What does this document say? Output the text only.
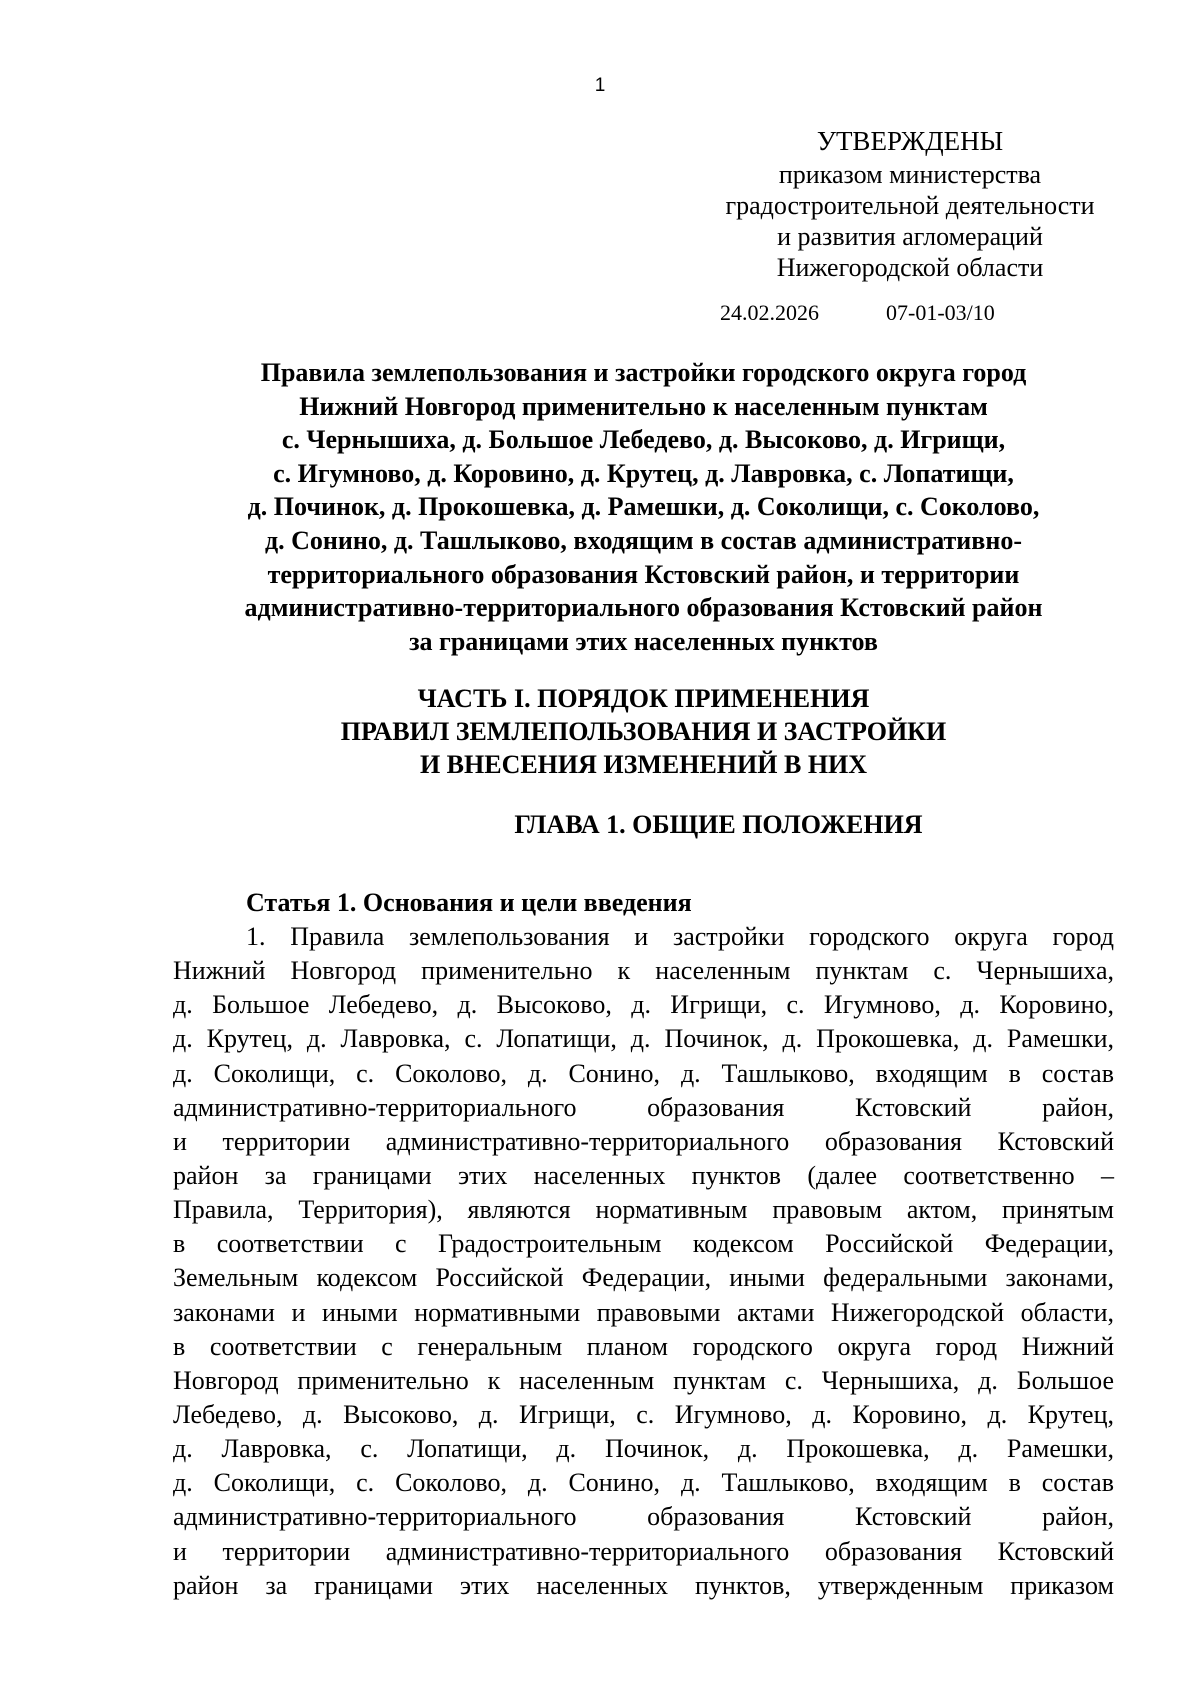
1
УТВЕРЖДЕНЫ
приказом министерства
градостроительной деятельности
и развития агломераций
Нижегородской области
24.02.2026	07-01-03/10
Правила землепользования и застройки городского округа город
Нижний Новгород применительно к населенным пунктам
с. Чернышиха, д. Большое Лебедево, д. Высоково, д. Игрищи,
с. Игумново, д. Коровино, д. Крутец, д. Лавровка, с. Лопатищи,
д. Починок, д. Прокошевка, д. Рамешки, д. Соколищи, с. Соколово,
д. Сонино, д. Ташлыково, входящим в состав административно-
территориального образования Кстовский район, и территории
административно-территориального образования Кстовский район
за границами этих населенных пунктов
ЧАСТЬ I. ПОРЯДОК ПРИМЕНЕНИЯ
ПРАВИЛ ЗЕМЛЕПОЛЬЗОВАНИЯ И ЗАСТРОЙКИ
И ВНЕСЕНИЯ ИЗМЕНЕНИЙ В НИХ
ГЛАВА 1. ОБЩИЕ ПОЛОЖЕНИЯ
Статья 1. Основания и цели введения
1. Правила землепользования и застройки городского округа город
Нижний Новгород применительно к населенным пунктам с. Чернышиха,
д. Большое Лебедево, д. Высоково, д. Игрищи, с. Игумново, д. Коровино,
д. Крутец, д. Лавровка, с. Лопатищи, д. Починок, д. Прокошевка, д. Рамешки,
д. Соколищи, с. Соколово, д. Сонино, д. Ташлыково, входящим в состав
административно-территориального образования Кстовский район,
и территории административно-территориального образования Кстовский
район за границами этих населенных пунктов (далее соответственно –
Правила, Территория), являются нормативным правовым актом, принятым
в соответствии с Градостроительным кодексом Российской Федерации,
Земельным кодексом Российской Федерации, иными федеральными законами,
законами и иными нормативными правовыми актами Нижегородской области,
в соответствии с генеральным планом городского округа город Нижний
Новгород применительно к населенным пунктам с. Чернышиха, д. Большое
Лебедево, д. Высоково, д. Игрищи, с. Игумново, д. Коровино, д. Крутец,
д. Лавровка, с. Лопатищи, д. Починок, д. Прокошевка, д. Рамешки,
д. Соколищи, с. Соколово, д. Сонино, д. Ташлыково, входящим в состав
административно-территориального образования Кстовский район,
и территории административно-территориального образования Кстовский
район за границами этих населенных пунктов, утвержденным приказом
